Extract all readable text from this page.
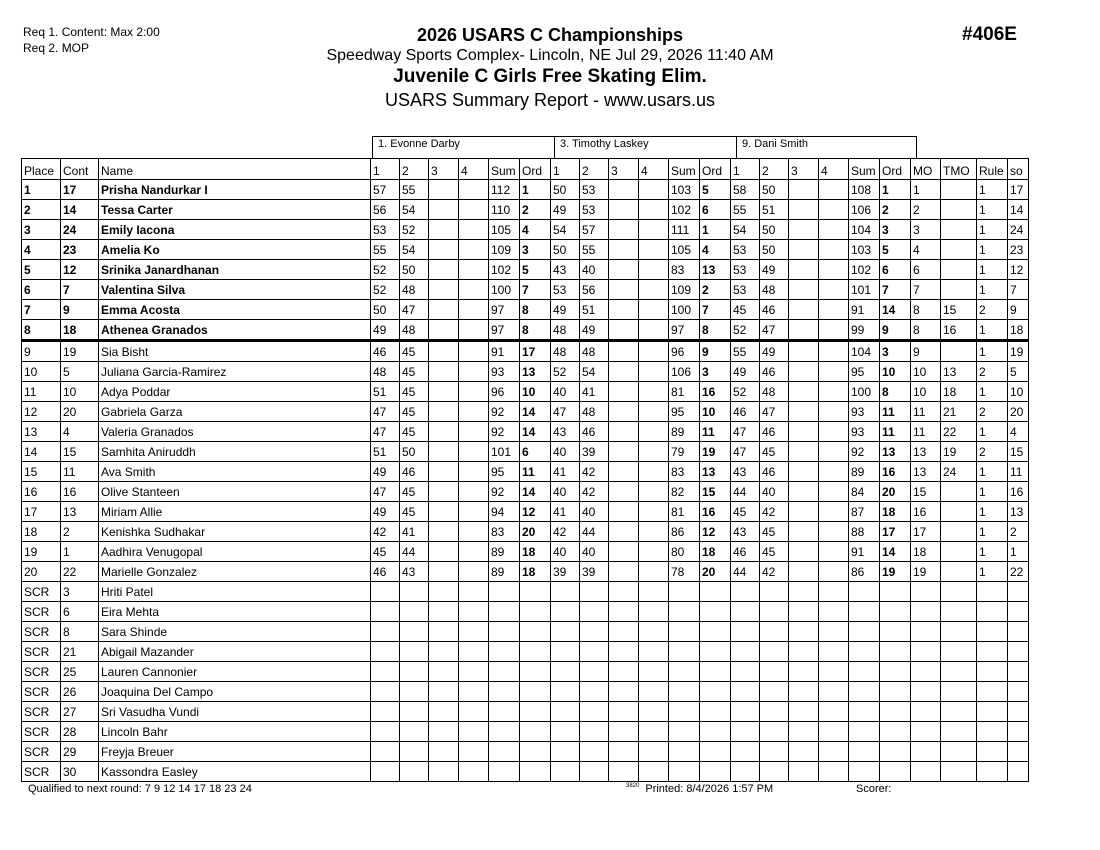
Req 1. Content: Max 2:00
Req 2. MOP
2026 USARS C Championships
Speedway Sports Complex- Lincoln, NE Jul 29, 2026 11:40 AM
Juvenile C Girls Free Skating Elim.
USARS Summary Report - www.usars.us
#406E
1. Evonne Darby	3. Timothy Laskey	9. Dani Smith
Place	Cont	Name	1	2	3	4	Sum	Ord	1	2	3	4	Sum	Ord	1	2	3	4	Sum	Ord	MO	TMO	Rule	so
1	17	Prisha Nandurkar I	57	55			112	1	50	53			103	5	58	50			108	1	1		1	17
2	14	Tessa Carter	56	54			110	2	49	53			102	6	55	51			106	2	2		1	14
3	24	Emily Iacona	53	52			105	4	54	57			111	1	54	50			104	3	3		1	24
4	23	Amelia Ko	55	54			109	3	50	55			105	4	53	50			103	5	4		1	23
5	12	Srinika Janardhanan	52	50			102	5	43	40			83	13	53	49			102	6	6		1	12
6	7	Valentina Silva	52	48			100	7	53	56			109	2	53	48			101	7	7		1	7
7	9	Emma Acosta	50	47			97	8	49	51			100	7	45	46			91	14	8	15	2	9
8	18	Athenea Granados	49	48			97	8	48	49			97	8	52	47			99	9	8	16	1	18
9	19	Sia Bisht	46	45			91	17	48	48			96	9	55	49			104	3	9		1	19
10	5	Juliana Garcia-Ramirez	48	45			93	13	52	54			106	3	49	46			95	10	10	13	2	5
11	10	Adya Poddar	51	45			96	10	40	41			81	16	52	48			100	8	10	18	1	10
12	20	Gabriela Garza	47	45			92	14	47	48			95	10	46	47			93	11	11	21	2	20
13	4	Valeria Granados	47	45			92	14	43	46			89	11	47	46			93	11	11	22	1	4
14	15	Samhita Aniruddh	51	50			101	6	40	39			79	19	47	45			92	13	13	19	2	15
15	11	Ava Smith	49	46			95	11	41	42			83	13	43	46			89	16	13	24	1	11
16	16	Olive Stanteen	47	45			92	14	40	42			82	15	44	40			84	20	15		1	16
17	13	Miriam Allie	49	45			94	12	41	40			81	16	45	42			87	18	16		1	13
18	2	Kenishka Sudhakar	42	41			83	20	42	44			86	12	43	45			88	17	17		1	2
19	1	Aadhira Venugopal	45	44			89	18	40	40			80	18	46	45			91	14	18		1	1
20	22	Marielle Gonzalez	46	43			89	18	39	39			78	20	44	42			86	19	19		1	22
SCR	3	Hriti Patel																						
SCR	6	Eira Mehta																						
SCR	8	Sara Shinde																						
SCR	21	Abigail Mazander																						
SCR	25	Lauren Cannonier																						
SCR	26	Joaquina Del Campo																						
SCR	27	Sri Vasudha Vundi																						
SCR	28	Lincoln Bahr																						
SCR	29	Freyja Breuer																						
SCR	30	Kassondra Easley																						
Qualified to next round: 7 9 12 14 17 18 23 24	$^{3820}$ Printed: 8/4/2026 1:57 PM	Scorer:
